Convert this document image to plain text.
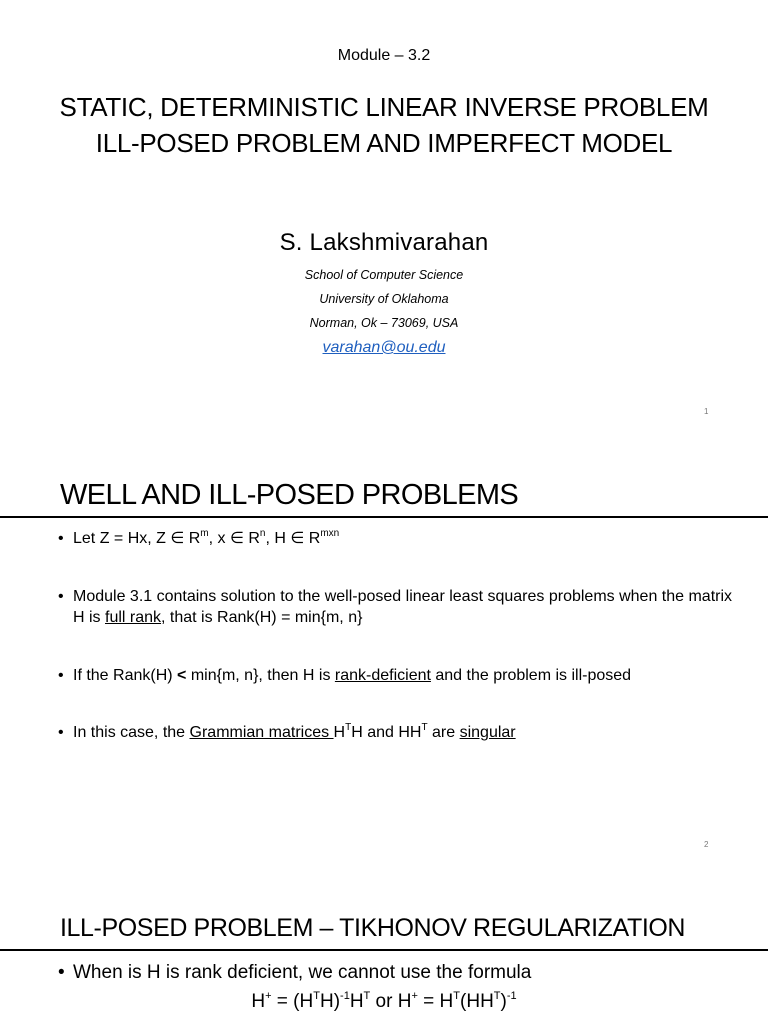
Module – 3.2
STATIC, DETERMINISTIC LINEAR INVERSE PROBLEM
ILL-POSED PROBLEM AND IMPERFECT MODEL
S. Lakshmivarahan
School of Computer Science
University of Oklahoma
Norman, Ok – 73069, USA
varahan@ou.edu
1
WELL AND ILL-POSED PROBLEMS
• Let Z = Hx, Z ∈ $R^m$, x ∈ $R^n$, H ∈ $R^{mxn}$
• Module 3.1 contains solution to the well-posed linear least squares problems when the matrix H is full rank, that is Rank(H) = min{m, n}
• If the Rank(H) < min{m, n}, then H is rank-deficient and the problem is ill-posed
• In this case, the Grammian matrices $H^TH$ and $HH^T$ are singular
2
ILL-POSED PROBLEM – TIKHONOV REGULARIZATION
• When is H is rank deficient, we cannot use the formula
$H^+ = (H^TH)^{-1}H^T$ or $H^+ = H^T(HH^T)^{-1}$
